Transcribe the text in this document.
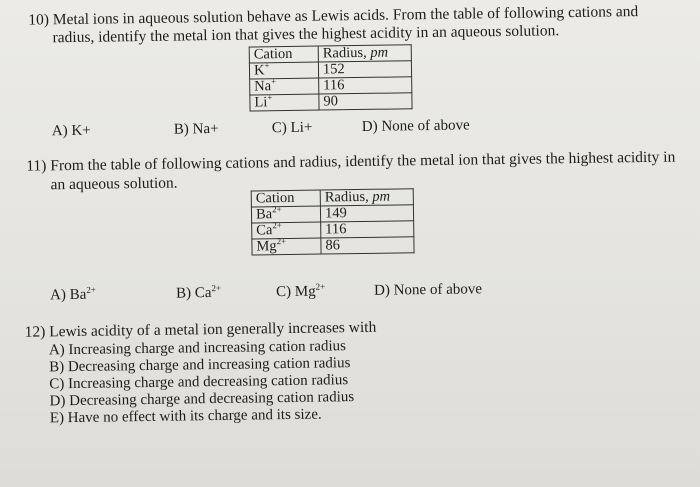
10) Metal ions in aqueous solution behave as Lewis acids. From the table of following cations and
radius, identify the metal ion that gives the highest acidity in an aqueous solution.
Cation	Radius, pm
K+	152
Na+	116
Li+	90
A) K+	B) Na+	C) Li+	D) None of above
11) From the table of following cations and radius, identify the metal ion that gives the highest acidity in
an aqueous solution.
Cation	Radius, pm
$Ba^{2+}$	149
$Ca^{2+}$	116
$Mg^{2+}$	86
A) $Ba^{2+}$	B) $Ca^{2+}$	C) $Mg^{2+}$	D) None of above
12) Lewis acidity of a metal ion generally increases with
A) Increasing charge and increasing cation radius
B) Decreasing charge and increasing cation radius
C) Increasing charge and decreasing cation radius
D) Decreasing charge and decreasing cation radius
E) Have no effect with its charge and its size.
